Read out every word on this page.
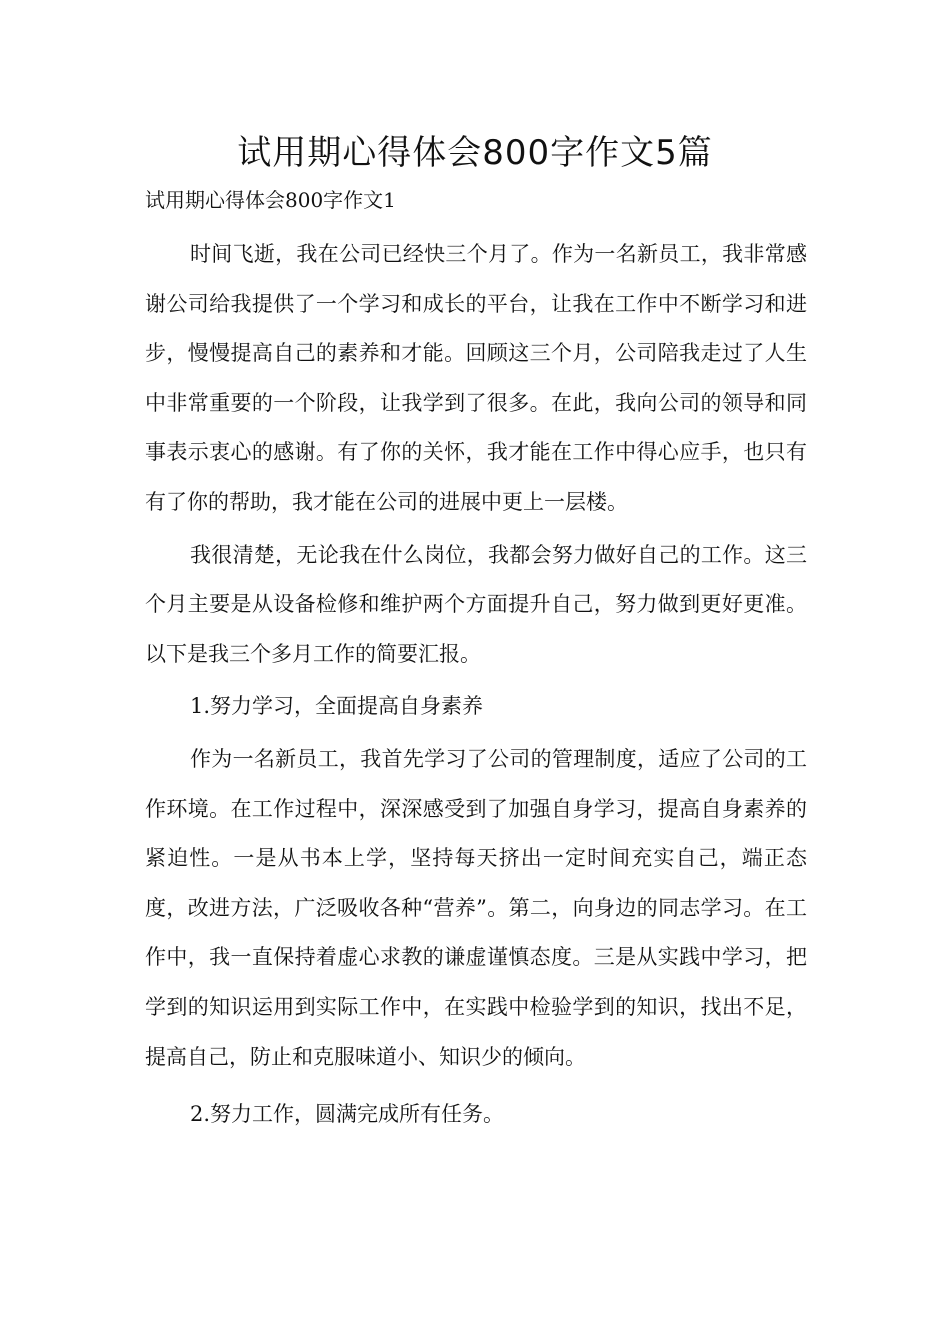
试用期心得体会800字作文5篇

试用期心得体会800字作文1

时间飞逝，我在公司已经快三个月了。作为一名新员工，我非常感谢公司给我提供了一个学习和成长的平台，让我在工作中不断学习和进步，慢慢提高自己的素养和才能。回顾这三个月，公司陪我走过了人生中非常重要的一个阶段，让我学到了很多。在此，我向公司的领导和同事表示衷心的感谢。有了你的关怀，我才能在工作中得心应手，也只有有了你的帮助，我才能在公司的进展中更上一层楼。

我很清楚，无论我在什么岗位，我都会努力做好自己的工作。这三个月主要是从设备检修和维护两个方面提升自己，努力做到更好更准。以下是我三个多月工作的简要汇报。

1.努力学习，全面提高自身素养

作为一名新员工，我首先学习了公司的管理制度，适应了公司的工作环境。在工作过程中，深深感受到了加强自身学习，提高自身素养的紧迫性。一是从书本上学，坚持每天挤出一定时间充实自己，端正态度，改进方法，广泛吸收各种“营养”。第二，向身边的同志学习。在工作中，我一直保持着虚心求教的谦虚谨慎态度。三是从实践中学习，把学到的知识运用到实际工作中，在实践中检验学到的知识，找出不足，提高自己，防止和克服味道小、知识少的倾向。

2.努力工作，圆满完成所有任务。
